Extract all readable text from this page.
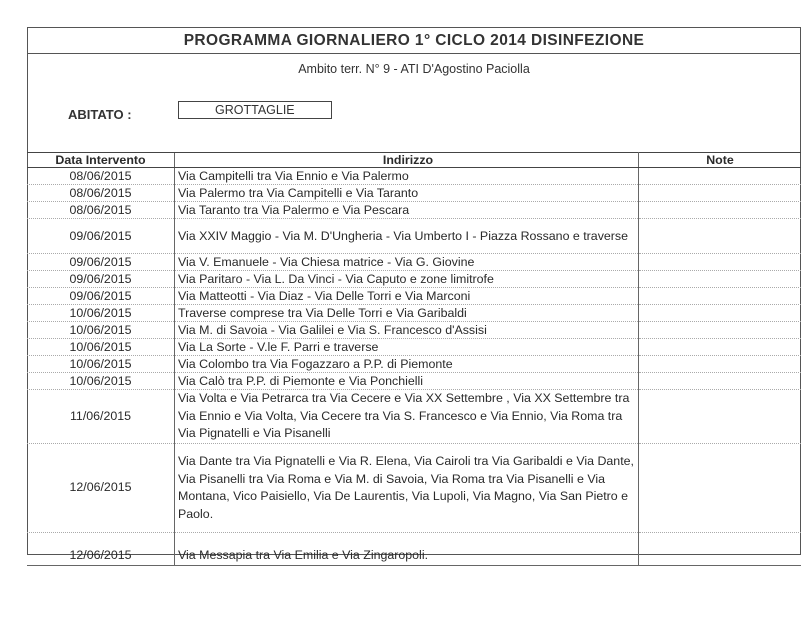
PROGRAMMA GIORNALIERO 1° CICLO 2014 DISINFEZIONE
Ambito terr. N° 9 - ATI D'Agostino Paciolla
ABITATO :	GROTTAGLIE
Data Intervento	Indirizzo	Note
08/06/2015	Via Campitelli tra Via Ennio e Via Palermo	
08/06/2015	Via Palermo tra Via Campitelli e Via Taranto	
08/06/2015	Via Taranto tra Via Palermo e Via Pescara	
09/06/2015	Via XXIV Maggio - Via M. D'Ungheria - Via Umberto I - Piazza Rossano e traverse	
09/06/2015	Via V. Emanuele - Via Chiesa matrice - Via G. Giovine	
09/06/2015	Via Paritaro - Via L. Da Vinci - Via Caputo e zone limitrofe	
09/06/2015	Via Matteotti - Via Diaz - Via Delle Torri e Via Marconi	
10/06/2015	Traverse comprese tra Via Delle Torri e Via Garibaldi	
10/06/2015	Via M. di Savoia - Via Galilei e Via S. Francesco d'Assisi	
10/06/2015	Via La Sorte - V.le F. Parri e traverse	
10/06/2015	Via Colombo tra Via Fogazzaro a P.P. di Piemonte	
10/06/2015	Via Calò tra P.P. di Piemonte e Via Ponchielli	
11/06/2015	Via Volta e Via Petrarca tra Via Cecere e Via XX Settembre , Via XX Settembre tra Via Ennio e Via Volta, Via Cecere tra Via S. Francesco e Via Ennio, Via Roma tra Via Pignatelli e Via Pisanelli	
12/06/2015	Via Dante tra Via Pignatelli e Via R. Elena, Via Cairoli tra Via Garibaldi e Via Dante, Via Pisanelli tra Via Roma e Via M. di Savoia, Via Roma tra Via Pisanelli e Via Montana, Vico Paisiello, Via De Laurentis, Via Lupoli, Via Magno, Via San Pietro e Paolo.	

12/06/2015	Via Messapia tra Via Emilia e Via Zingaropoli.	
